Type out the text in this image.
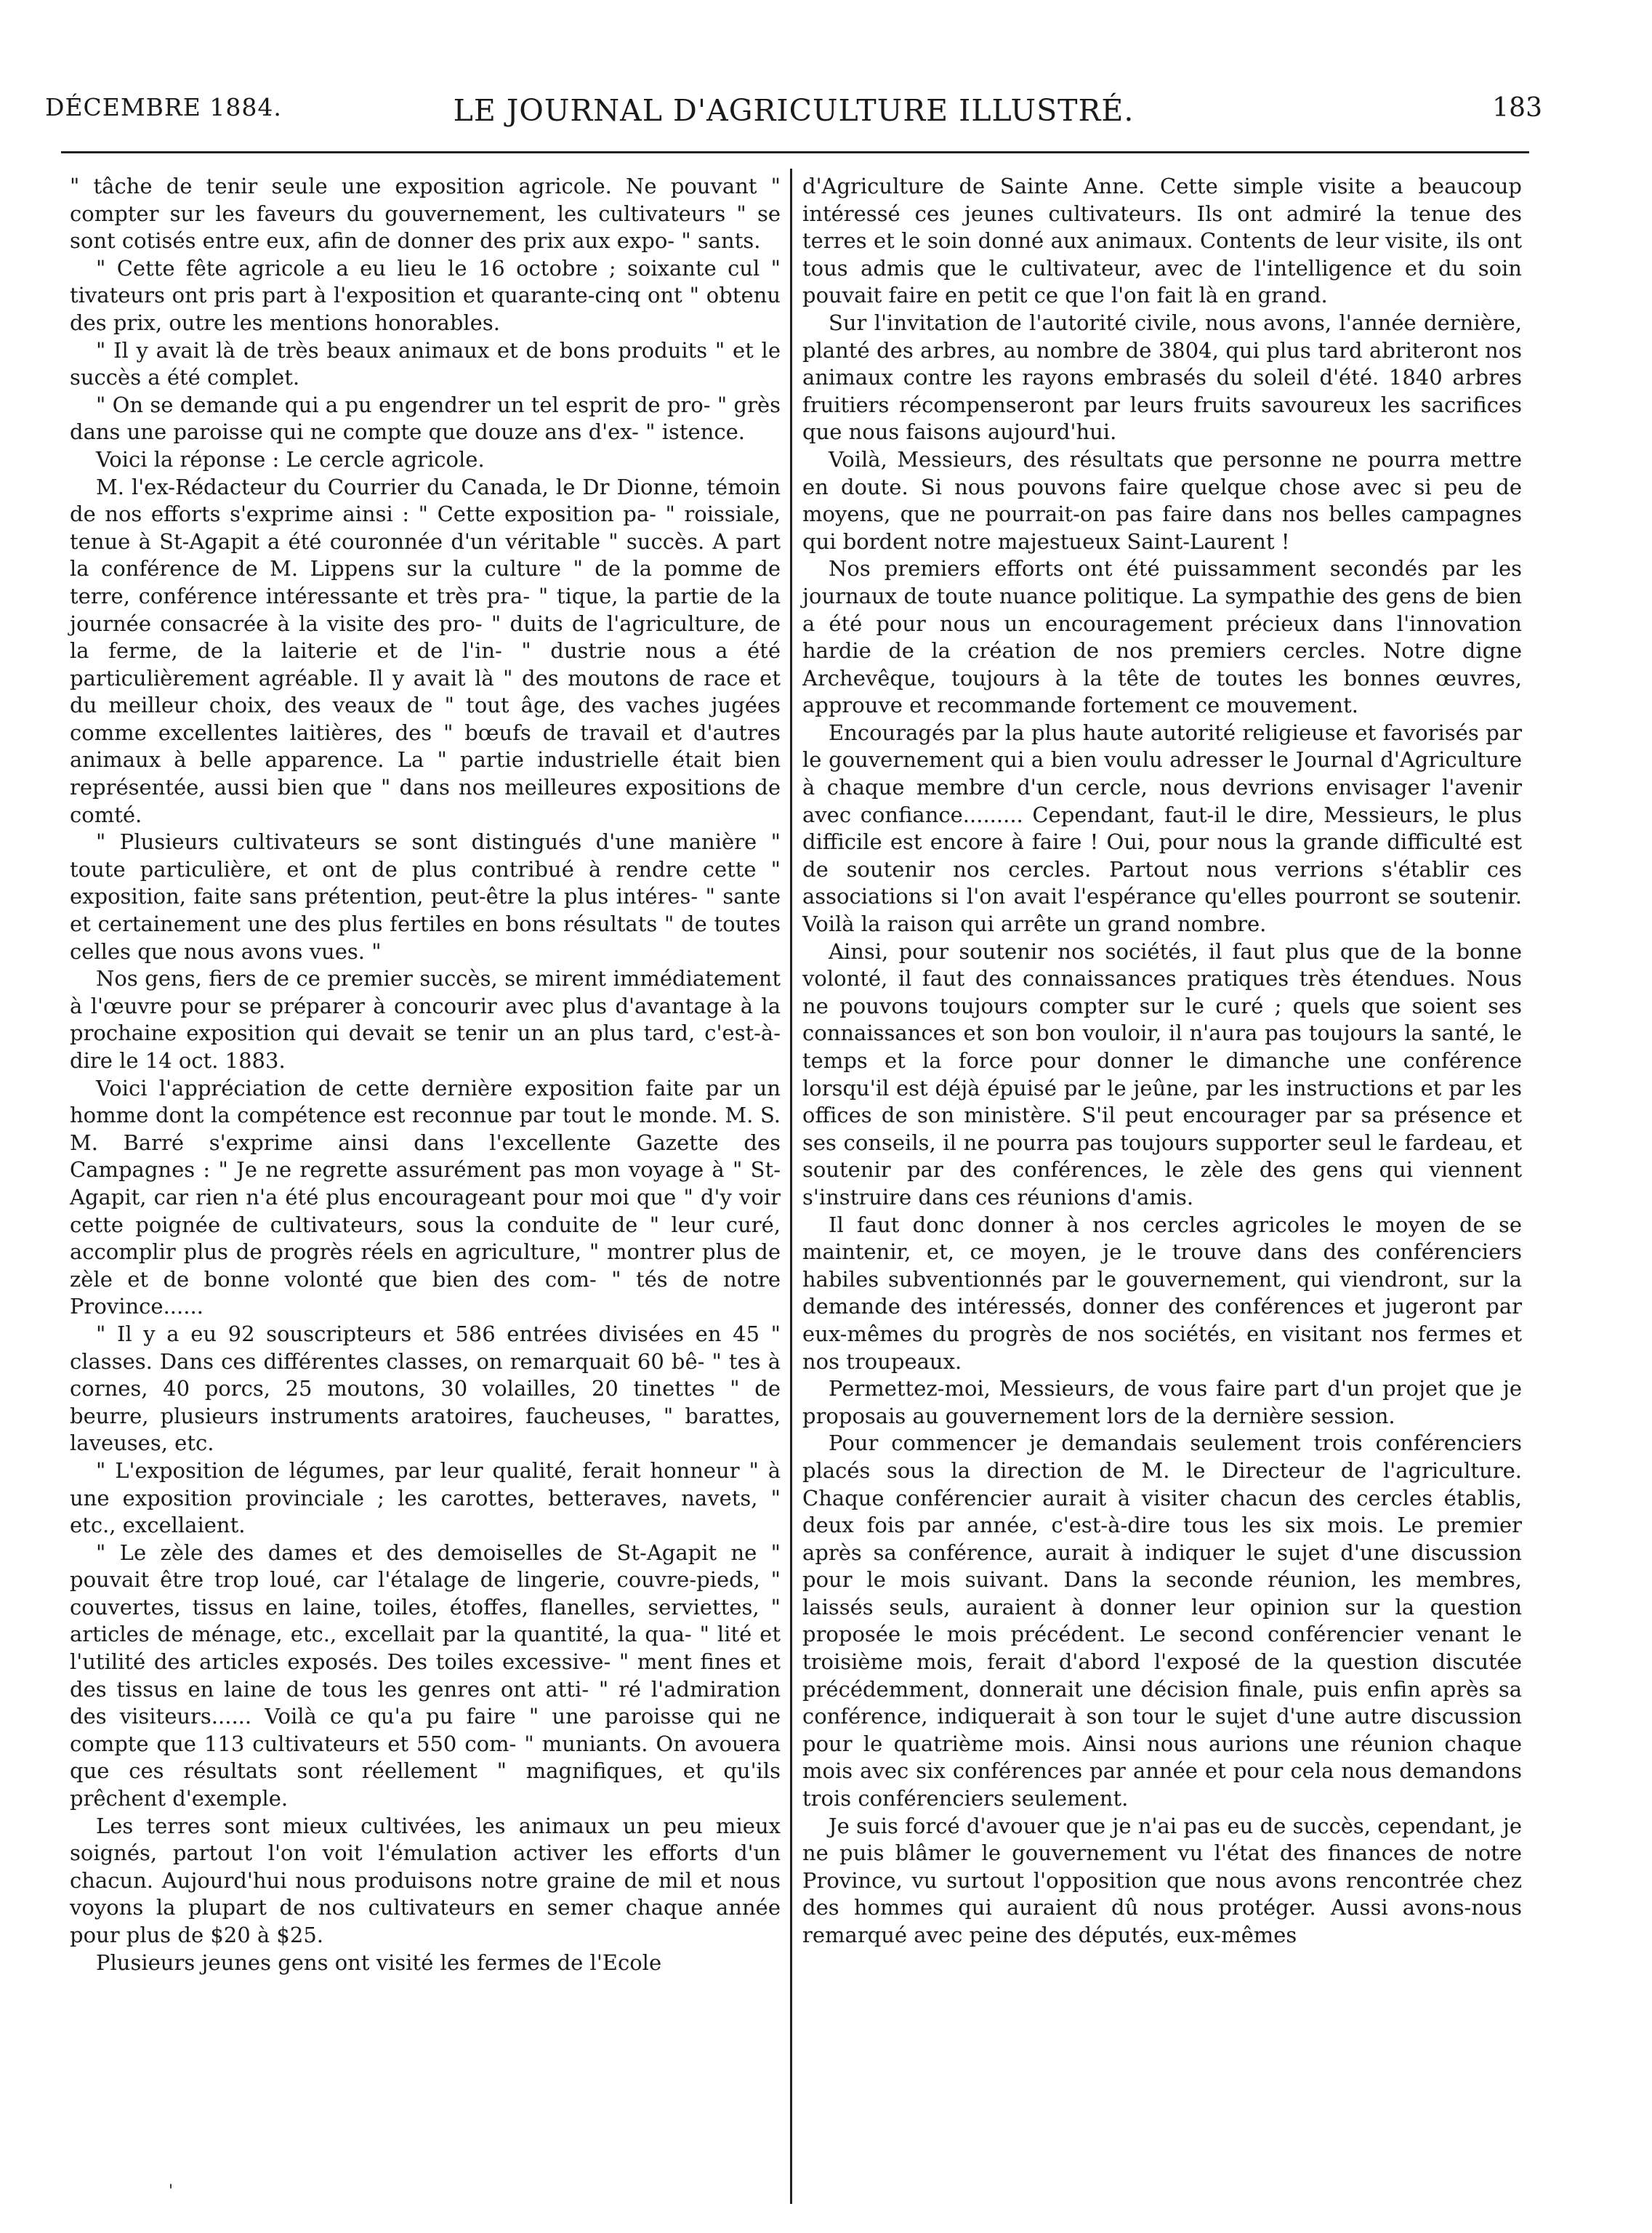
DÉCEMBRE 1884.	LE JOURNAL D'AGRICULTURE ILLUSTRÉ.	183

" tâche de tenir seule une exposition agricole. Ne pouvant " compter sur les faveurs du gouvernement, les cultivateurs " se sont cotisés entre eux, afin de donner des prix aux expo- " sants.

" Cette fête agricole a eu lieu le 16 octobre ; soixante cul " tivateurs ont pris part à l'exposition et quarante-cinq ont " obtenu des prix, outre les mentions honorables.

" Il y avait là de très beaux animaux et de bons produits " et le succès a été complet.

" On se demande qui a pu engendrer un tel esprit de pro- " grès dans une paroisse qui ne compte que douze ans d'ex- " istence.

Voici la réponse : Le cercle agricole.

M. l'ex-Rédacteur du Courrier du Canada, le Dr Dionne, témoin de nos efforts s'exprime ainsi : " Cette exposition pa- " roissiale, tenue à St-Agapit a été couronnée d'un véritable " succès. A part la conférence de M. Lippens sur la culture " de la pomme de terre, conférence intéressante et très pra- " tique, la partie de la journée consacrée à la visite des pro- " duits de l'agriculture, de la ferme, de la laiterie et de l'in- " dustrie nous a été particulièrement agréable. Il y avait là " des moutons de race et du meilleur choix, des veaux de " tout âge, des vaches jugées comme excellentes laitières, des " bœufs de travail et d'autres animaux à belle apparence. La " partie industrielle était bien représentée, aussi bien que " dans nos meilleures expositions de comté.

" Plusieurs cultivateurs se sont distingués d'une manière " toute particulière, et ont de plus contribué à rendre cette " exposition, faite sans prétention, peut-être la plus intéres- " sante et certainement une des plus fertiles en bons résultats " de toutes celles que nous avons vues. "

Nos gens, fiers de ce premier succès, se mirent immédiatement à l'œuvre pour se préparer à concourir avec plus d'avantage à la prochaine exposition qui devait se tenir un an plus tard, c'est-à-dire le 14 oct. 1883.

Voici l'appréciation de cette dernière exposition faite par un homme dont la compétence est reconnue par tout le monde. M. S. M. Barré s'exprime ainsi dans l'excellente Gazette des Campagnes : " Je ne regrette assurément pas mon voyage à " St-Agapit, car rien n'a été plus encourageant pour moi que " d'y voir cette poignée de cultivateurs, sous la conduite de " leur curé, accomplir plus de progrès réels en agriculture, " montrer plus de zèle et de bonne volonté que bien des com- " tés de notre Province......

" Il y a eu 92 souscripteurs et 586 entrées divisées en 45 " classes. Dans ces différentes classes, on remarquait 60 bê- " tes à cornes, 40 porcs, 25 moutons, 30 volailles, 20 tinettes " de beurre, plusieurs instruments aratoires, faucheuses, " barattes, laveuses, etc.

" L'exposition de légumes, par leur qualité, ferait honneur " à une exposition provinciale ; les carottes, betteraves, navets, " etc., excellaient.

" Le zèle des dames et des demoiselles de St-Agapit ne " pouvait être trop loué, car l'étalage de lingerie, couvre-pieds, " couvertes, tissus en laine, toiles, étoffes, flanelles, serviettes, " articles de ménage, etc., excellait par la quantité, la qua- " lité et l'utilité des articles exposés. Des toiles excessive- " ment fines et des tissus en laine de tous les genres ont atti- " ré l'admiration des visiteurs...... Voilà ce qu'a pu faire " une paroisse qui ne compte que 113 cultivateurs et 550 com- " muniants. On avouera que ces résultats sont réellement " magnifiques, et qu'ils prêchent d'exemple.

Les terres sont mieux cultivées, les animaux un peu mieux soignés, partout l'on voit l'émulation activer les efforts d'un chacun. Aujourd'hui nous produisons notre graine de mil et nous voyons la plupart de nos cultivateurs en semer chaque année pour plus de $20 à $25.

Plusieurs jeunes gens ont visité les fermes de l'Ecole

d'Agriculture de Sainte Anne. Cette simple visite a beaucoup intéressé ces jeunes cultivateurs. Ils ont admiré la tenue des terres et le soin donné aux animaux. Contents de leur visite, ils ont tous admis que le cultivateur, avec de l'intelligence et du soin pouvait faire en petit ce que l'on fait là en grand.

Sur l'invitation de l'autorité civile, nous avons, l'année dernière, planté des arbres, au nombre de 3804, qui plus tard abriteront nos animaux contre les rayons embrasés du soleil d'été. 1840 arbres fruitiers récompenseront par leurs fruits savoureux les sacrifices que nous faisons aujourd'hui.

Voilà, Messieurs, des résultats que personne ne pourra mettre en doute. Si nous pouvons faire quelque chose avec si peu de moyens, que ne pourrait-on pas faire dans nos belles campagnes qui bordent notre majestueux Saint-Laurent !

Nos premiers efforts ont été puissamment secondés par les journaux de toute nuance politique. La sympathie des gens de bien a été pour nous un encouragement précieux dans l'innovation hardie de la création de nos premiers cercles. Notre digne Archevêque, toujours à la tête de toutes les bonnes œuvres, approuve et recommande fortement ce mouvement.

Encouragés par la plus haute autorité religieuse et favorisés par le gouvernement qui a bien voulu adresser le Journal d'Agriculture à chaque membre d'un cercle, nous devrions envisager l'avenir avec confiance......... Cependant, faut-il le dire, Messieurs, le plus difficile est encore à faire ! Oui, pour nous la grande difficulté est de soutenir nos cercles. Partout nous verrions s'établir ces associations si l'on avait l'espérance qu'elles pourront se soutenir. Voilà la raison qui arrête un grand nombre.

Ainsi, pour soutenir nos sociétés, il faut plus que de la bonne volonté, il faut des connaissances pratiques très étendues. Nous ne pouvons toujours compter sur le curé ; quels que soient ses connaissances et son bon vouloir, il n'aura pas toujours la santé, le temps et la force pour donner le dimanche une conférence lorsqu'il est déjà épuisé par le jeûne, par les instructions et par les offices de son ministère. S'il peut encourager par sa présence et ses conseils, il ne pourra pas toujours supporter seul le fardeau, et soutenir par des conférences, le zèle des gens qui viennent s'instruire dans ces réunions d'amis.

Il faut donc donner à nos cercles agricoles le moyen de se maintenir, et, ce moyen, je le trouve dans des conférenciers habiles subventionnés par le gouvernement, qui viendront, sur la demande des intéressés, donner des conférences et jugeront par eux-mêmes du progrès de nos sociétés, en visitant nos fermes et nos troupeaux.

Permettez-moi, Messieurs, de vous faire part d'un projet que je proposais au gouvernement lors de la dernière session.

Pour commencer je demandais seulement trois conférenciers placés sous la direction de M. le Directeur de l'agriculture. Chaque conférencier aurait à visiter chacun des cercles établis, deux fois par année, c'est-à-dire tous les six mois. Le premier après sa conférence, aurait à indiquer le sujet d'une discussion pour le mois suivant. Dans la seconde réunion, les membres, laissés seuls, auraient à donner leur opinion sur la question proposée le mois précédent. Le second conférencier venant le troisième mois, ferait d'abord l'exposé de la question discutée précédemment, donnerait une décision finale, puis enfin après sa conférence, indiquerait à son tour le sujet d'une autre discussion pour le quatrième mois. Ainsi nous aurions une réunion chaque mois avec six conférences par année et pour cela nous demandons trois conférenciers seulement.

Je suis forcé d'avouer que je n'ai pas eu de succès, cependant, je ne puis blâmer le gouvernement vu l'état des finances de notre Province, vu surtout l'opposition que nous avons rencontrée chez des hommes qui auraient dû nous protéger. Aussi avons-nous remarqué avec peine des députés, eux-mêmes

'
